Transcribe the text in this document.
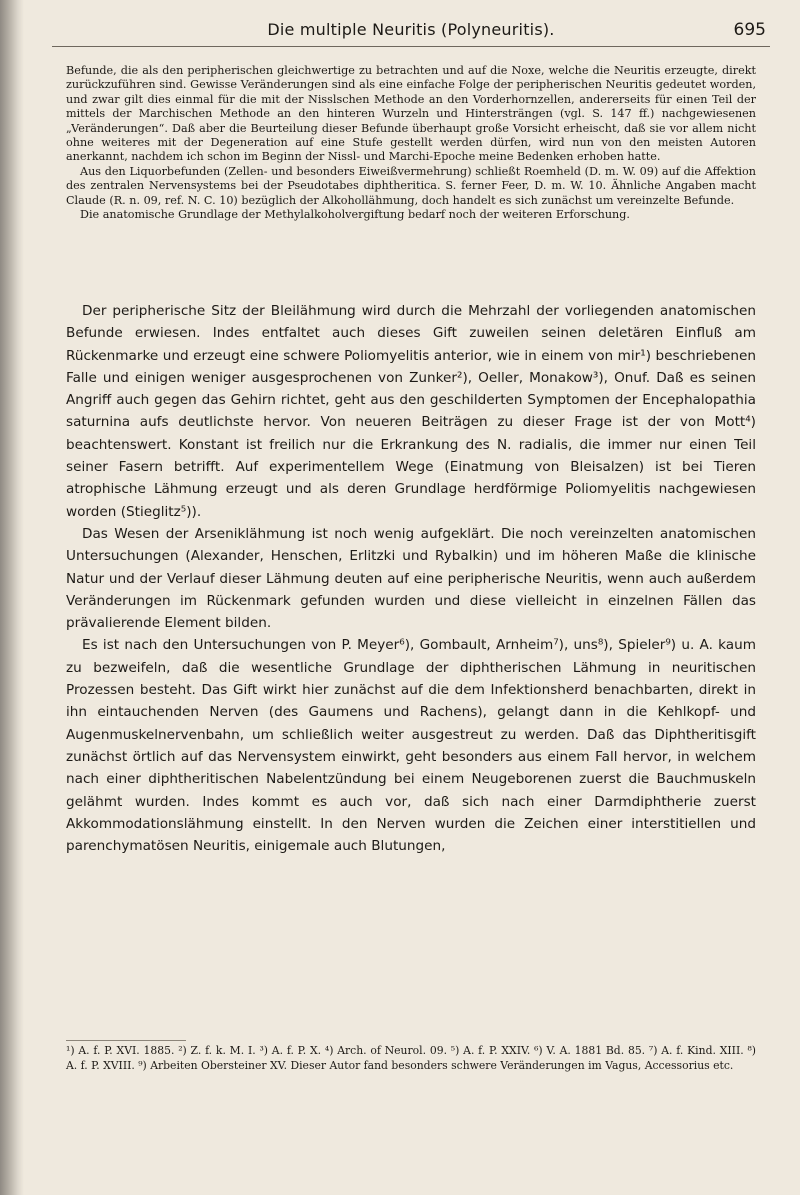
Die multiple Neuritis (Polyneuritis).	695

Befunde, die als den peripherischen gleichwertige zu betrachten und auf die Noxe, welche die Neuritis erzeugte, direkt zurückzuführen sind. Gewisse Veränderungen sind als eine einfache Folge der peripherischen Neuritis gedeutet worden, und zwar gilt dies einmal für die mit der Nisslschen Methode an den Vorderhornzellen, andererseits für einen Teil der mittels der Marchischen Methode an den hinteren Wurzeln und Hintersträngen (vgl. S. 147 ff.) nachgewiesenen „Veränderungen“. Daß aber die Beurteilung dieser Befunde überhaupt große Vorsicht erheischt, daß sie vor allem nicht ohne weiteres mit der Degeneration auf eine Stufe gestellt werden dürfen, wird nun von den meisten Autoren anerkannt, nachdem ich schon im Beginn der Nissl- und Marchi-Epoche meine Bedenken erhoben hatte.

Aus den Liquorbefunden (Zellen- und besonders Eiweißvermehrung) schließt Roemheld (D. m. W. 09) auf die Affektion des zentralen Nervensystems bei der Pseudotabes diphtheritica. S. ferner Feer, D. m. W. 10. Ähnliche Angaben macht Claude (R. n. 09, ref. N. C. 10) bezüglich der Alkohollähmung, doch handelt es sich zunächst um vereinzelte Befunde.

Die anatomische Grundlage der Methylalkoholvergiftung bedarf noch der weiteren Erforschung.

Der peripherische Sitz der Bleilähmung wird durch die Mehrzahl der vorliegenden anatomischen Befunde erwiesen. Indes entfaltet auch dieses Gift zuweilen seinen deletären Einfluß am Rückenmarke und erzeugt eine schwere Poliomyelitis anterior, wie in einem von mir¹) beschriebenen Falle und einigen weniger ausgesprochenen von Zunker²), Oeller, Monakow³), Onuf. Daß es seinen Angriff auch gegen das Gehirn richtet, geht aus den geschilderten Symptomen der Encephalopathia saturnina aufs deutlichste hervor. Von neueren Beiträgen zu dieser Frage ist der von Mott⁴) beachtenswert. Konstant ist freilich nur die Erkrankung des N. radialis, die immer nur einen Teil seiner Fasern betrifft. Auf experimentellem Wege (Einatmung von Bleisalzen) ist bei Tieren atrophische Lähmung erzeugt und als deren Grundlage herdförmige Poliomyelitis nachgewiesen worden (Stieglitz⁵)).

Das Wesen der Arseniklähmung ist noch wenig aufgeklärt. Die noch vereinzelten anatomischen Untersuchungen (Alexander, Henschen, Erlitzki und Rybalkin) und im höheren Maße die klinische Natur und der Verlauf dieser Lähmung deuten auf eine peripherische Neuritis, wenn auch außerdem Veränderungen im Rückenmark gefunden wurden und diese vielleicht in einzelnen Fällen das prävalierende Element bilden.

Es ist nach den Untersuchungen von P. Meyer⁶), Gombault, Arnheim⁷), uns⁸), Spieler⁹) u. A. kaum zu bezweifeln, daß die wesentliche Grundlage der diphtherischen Lähmung in neuritischen Prozessen besteht. Das Gift wirkt hier zunächst auf die dem Infektionsherd benachbarten, direkt in ihn eintauchenden Nerven (des Gaumens und Rachens), gelangt dann in die Kehlkopf- und Augenmuskelnervenbahn, um schließlich weiter ausgestreut zu werden. Daß das Diphtheritisgift zunächst örtlich auf das Nervensystem einwirkt, geht besonders aus einem Fall hervor, in welchem nach einer diphtheritischen Nabelentzündung bei einem Neugeborenen zuerst die Bauchmuskeln gelähmt wurden. Indes kommt es auch vor, daß sich nach einer Darmdiphtherie zuerst Akkommodationslähmung einstellt. In den Nerven wurden die Zeichen einer interstitiellen und parenchymatösen Neuritis, einigemale auch Blutungen,

¹) A. f. P. XVI. 1885. ²) Z. f. k. M. I. ³) A. f. P. X. ⁴) Arch. of Neurol. 09. ⁵) A. f. P. XXIV. ⁶) V. A. 1881 Bd. 85. ⁷) A. f. Kind. XIII. ⁸) A. f. P. XVIII. ⁹) Arbeiten Obersteiner XV. Dieser Autor fand besonders schwere Veränderungen im Vagus, Accessorius etc.
